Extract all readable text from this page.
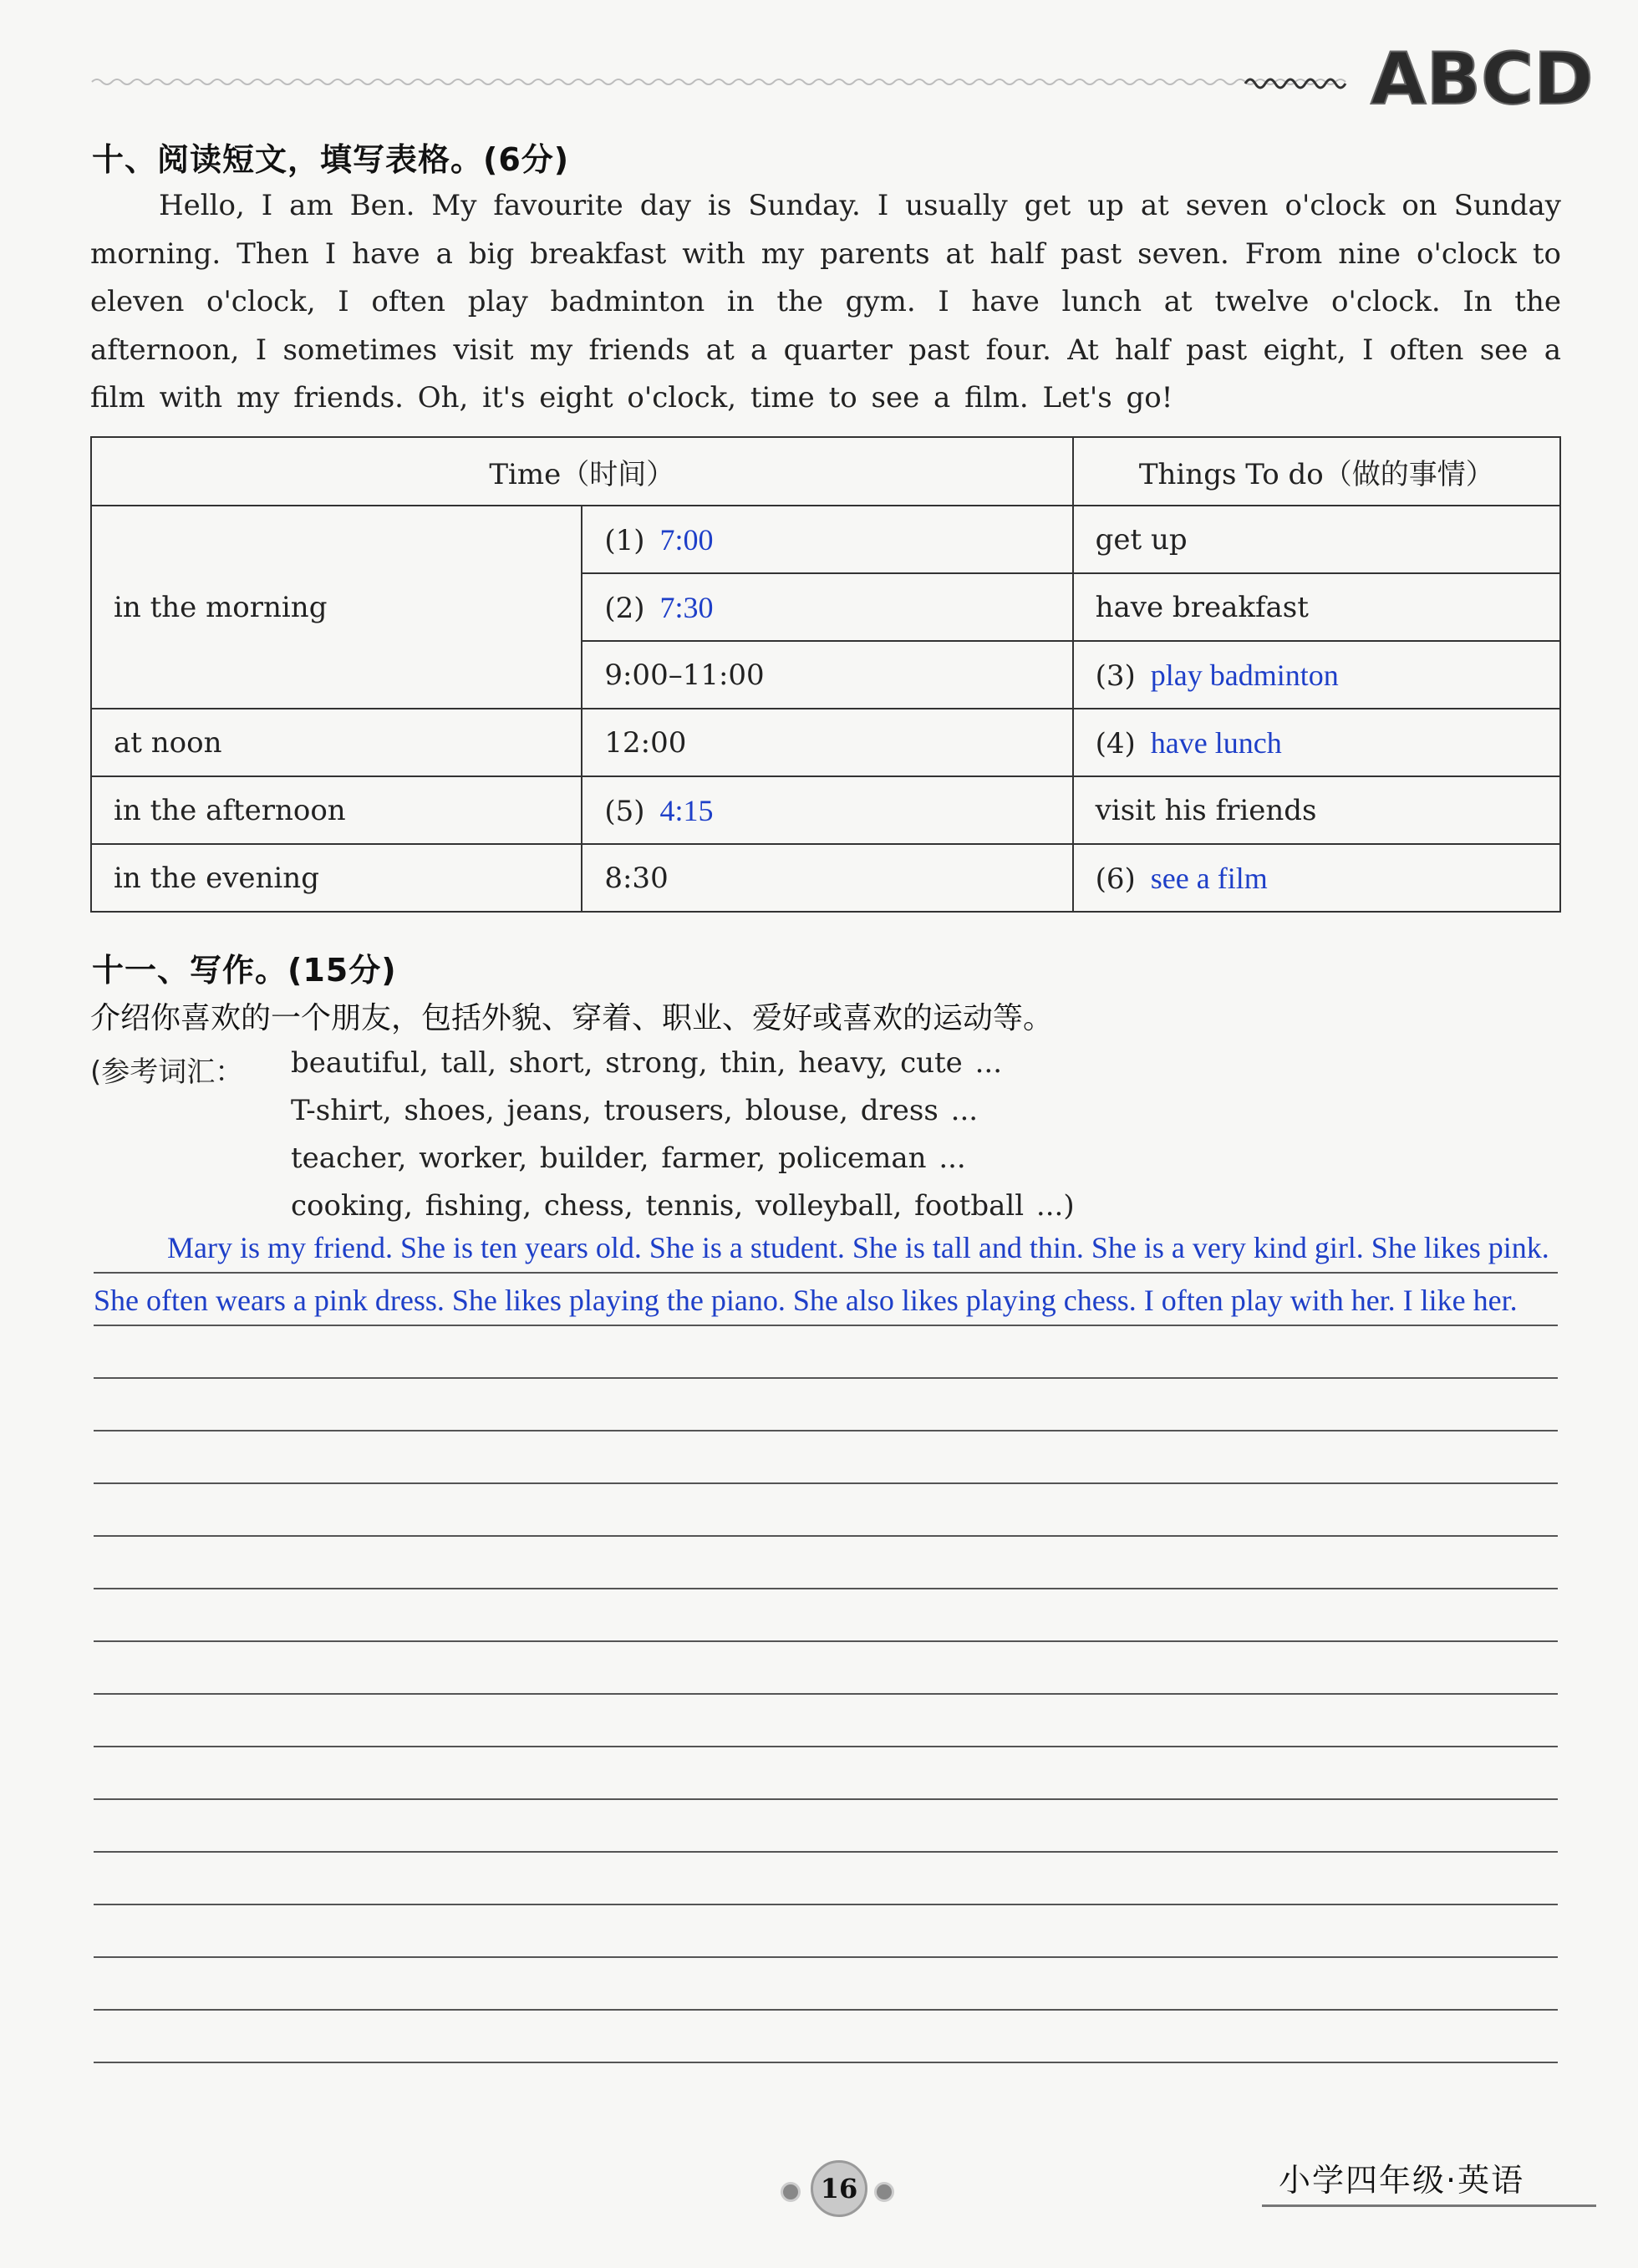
ABCD
十、阅读短文，填写表格。(6分)
Hello, I am Ben. My favourite day is Sunday. I usually get up at seven o'clock on Sunday morning. Then I have a big breakfast with my parents at half past seven. From nine o'clock to eleven o'clock, I often play badminton in the gym. I have lunch at twelve o'clock. In the afternoon, I sometimes visit my friends at a quarter past four. At half past eight, I often see a film with my friends. Oh, it's eight o'clock, time to see a film. Let's go!
Time（时间）		Things To do（做的事情）
in the morning	(1) 7:00	get up
	(2) 7:30	have breakfast
	9:00–11:00	(3) play badminton
at noon	12:00	(4) have lunch
in the afternoon	(5) 4:15	visit his friends
in the evening	8:30	(6) see a film
十一、写作。(15分)
介绍你喜欢的一个朋友，包括外貌、穿着、职业、爱好或喜欢的运动等。
(参考词汇： beautiful, tall, short, strong, thin, heavy, cute ...
T-shirt, shoes, jeans, trousers, blouse, dress ...
teacher, worker, builder, farmer, policeman ...
cooking, fishing, chess, tennis, volleyball, football ...)
Mary is my friend. She is ten years old. She is a student. She is tall and thin. She is a very kind girl. She likes pink.
She often wears a pink dress. She likes playing the piano. She also likes playing chess. I often play with her. I like her.
16	小学四年级·英语
